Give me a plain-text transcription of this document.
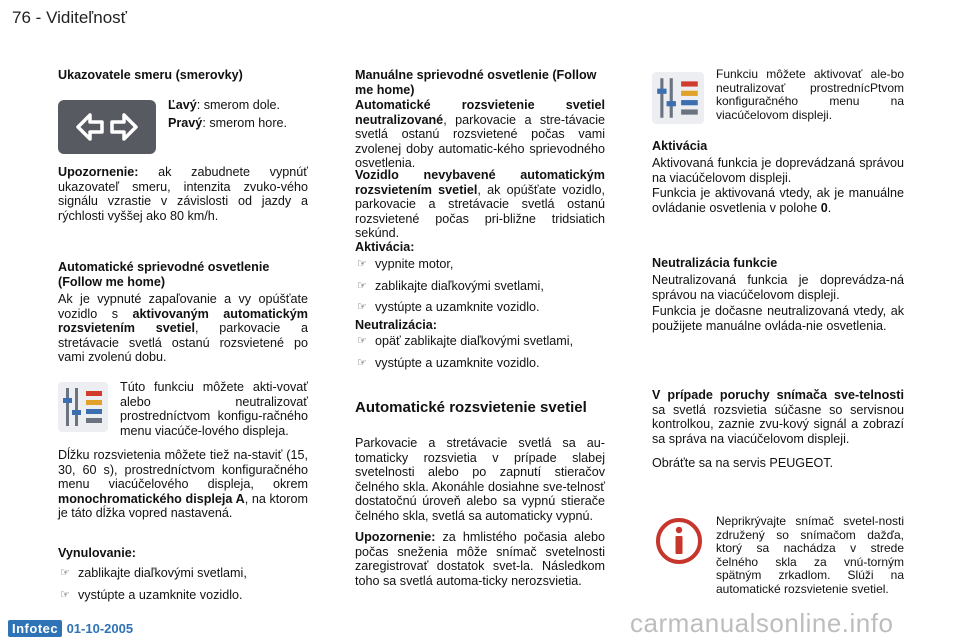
76 - Viditeľnosť
Ukazovatele smeru (smerovky)
Ľavý: smerom dole.
Pravý: smerom hore.
Upozornenie: ak zabudnete vypnúť ukazovateľ smeru, intenzita zvuko-vého signálu vzrastie v závislosti od jazdy a rýchlosti vyššej ako 80 km/h.
Automatické sprievodné osvetlenie (Follow me home)
Ak je vypnuté zapaľovanie a vy opúšťate vozidlo s aktivovaným automatickým rozsvietením svetiel, parkovacie a stretávacie svetlá ostanú rozsvietené po vami zvolenú dobu.
Túto funkciu môžete akti-vovať alebo neutralizovať prostredníctvom konfigu-račného menu viacúče-lového displeja.
Dĺžku rozsvietenia môžete tiež na-staviť (15, 30, 60 s), prostredníctvom konfiguračného menu viacúčelového displeja, okrem monochromatického displeja A, na ktorom je táto dĺžka vopred nastavená.
Vynulovanie:
☞ zablikajte diaľkovými svetlami,
☞ vystúpte a uzamknite vozidlo.
Manuálne sprievodné osvetlenie (Follow me home)
Automatické rozsvietenie svetiel neutralizované, parkovacie a stre-távacie svetlá ostanú rozsvietené počas vami zvolenej doby automatic-kého sprievodného osvetlenia.
Vozidlo nevybavené automatickým rozsvietením svetiel, ak opúšťate vozidlo, parkovacie a stretávacie svetlá ostanú rozsvietené počas pri-bližne tridsiatich sekúnd.
Aktivácia:
☞ vypnite motor,
☞ zablikajte diaľkovými svetlami,
☞ vystúpte a uzamknite vozidlo.
Neutralizácia:
☞ opäť zablikajte diaľkovými svetlami,
☞ vystúpte a uzamknite vozidlo.
Automatické rozsvietenie svetiel
Parkovacie a stretávacie svetlá sa au-tomaticky rozsvietia v prípade slabej svetelnosti alebo po zapnutí stieračov čelného skla. Akonáhle dosiahne sve-telnosť dostatočnú úroveň alebo sa vypnú stierače čelného skla, svetlá sa automaticky vypnú.
Upozornenie: za hmlistého počasia alebo počas sneženia môže snímač svetelnosti zaregistrovať dostatok svet-la. Následkom toho sa svetlá automa-ticky nerozsvietia.
Funkciu môžete aktivovať ale-bo neutralizovať prostrednícPtvom konfiguračného menu na viacúčelovom displeji.
Aktivácia
Aktivovaná funkcia je doprevádzaná správou na viacúčelovom displeji.
Funkcia je aktivovaná vtedy, ak je manuálne ovládanie osvetlenia v polohe 0.
Neutralizácia funkcie
Neutralizovaná funkcia je doprevádza-ná správou na viacúčelovom displeji.
Funkcia je dočasne neutralizovaná vtedy, ak použijete manuálne ovláda-nie osvetlenia.
V prípade poruchy snímača sve-telnosti sa svetlá rozsvietia súčasne so servisnou kontrolkou, zaznie zvu-kový signál a zobrazí sa správa na viacúčelovom displeji.
Obráťte sa na servis PEUGEOT.
Neprikrývajte snímač svetel-nosti združený so snímačom dažďa, ktorý sa nachádza v strede čelného skla za vnú-torným spätným zrkadlom. Slúži na automatické rozsvietenie svetiel.
Infotec 01-10-2005	carmanualsonline.info
